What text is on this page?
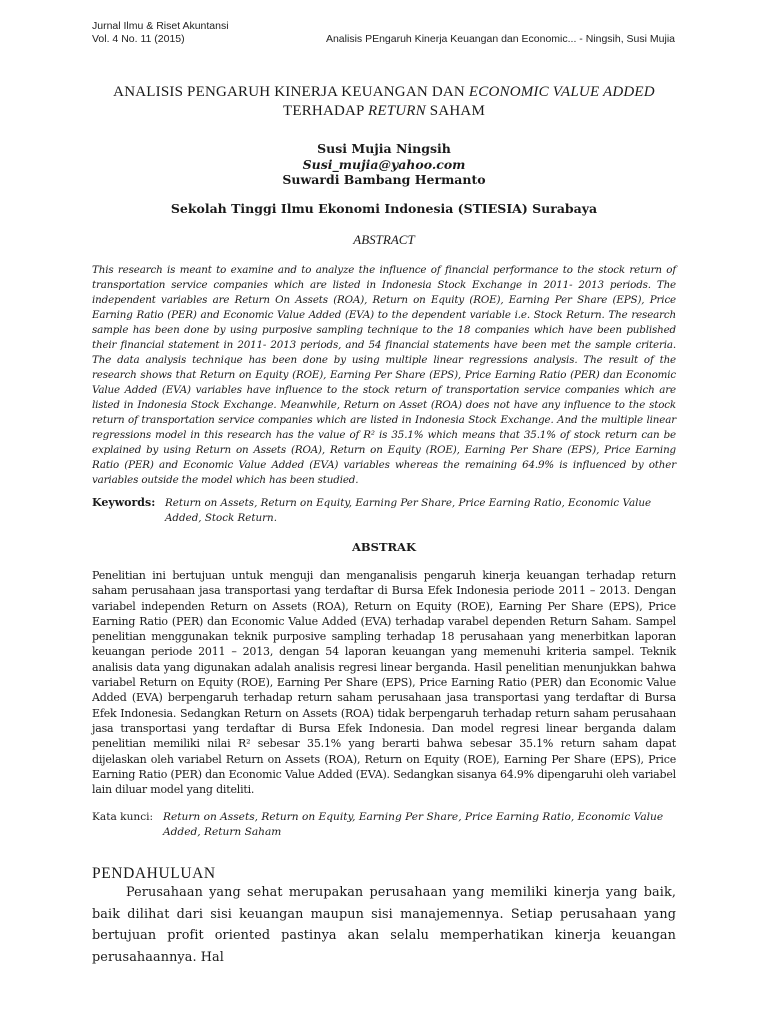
Jurnal Ilmu & Riset Akuntansi
Vol. 4 No. 11 (2015)	Analisis PEngaruh Kinerja Keuangan dan Economic... - Ningsih, Susi Mujia
ANALISIS PENGARUH KINERJA KEUANGAN DAN ECONOMIC VALUE ADDED
TERHADAP RETURN SAHAM
Susi Mujia Ningsih
Susi_mujia@yahoo.com
Suwardi Bambang Hermanto
Sekolah Tinggi Ilmu Ekonomi Indonesia (STIESIA) Surabaya
ABSTRACT
This research is meant to examine and to analyze the influence of financial performance to the stock return of transportation service companies which are listed in Indonesia Stock Exchange in 2011- 2013 periods. The independent variables are Return On Assets (ROA), Return on Equity (ROE), Earning Per Share (EPS), Price Earning Ratio (PER) and Economic Value Added (EVA) to the dependent variable i.e. Stock Return. The research sample has been done by using purposive sampling technique to the 18 companies which have been published their financial statement in 2011- 2013 periods, and 54 financial statements have been met the sample criteria. The data analysis technique has been done by using multiple linear regressions analysis. The result of the research shows that Return on Equity (ROE), Earning Per Share (EPS), Price Earning Ratio (PER) dan Economic Value Added (EVA) variables have influence to the stock return of transportation service companies which are listed in Indonesia Stock Exchange. Meanwhile, Return on Asset (ROA) does not have any influence to the stock return of transportation service companies which are listed in Indonesia Stock Exchange. And the multiple linear regressions model in this research has the value of R² is 35.1% which means that 35.1% of stock return can be explained by using Return on Assets (ROA), Return on Equity (ROE), Earning Per Share (EPS), Price Earning Ratio (PER) and Economic Value Added (EVA) variables whereas the remaining 64.9% is influenced by other variables outside the model which has been studied.
Keywords: Return on Assets, Return on Equity, Earning Per Share, Price Earning Ratio, Economic Value Added, Stock Return.
ABSTRAK
Penelitian ini bertujuan untuk menguji dan menganalisis pengaruh kinerja keuangan terhadap return saham perusahaan jasa transportasi yang terdaftar di Bursa Efek Indonesia periode 2011 – 2013. Dengan variabel independen Return on Assets (ROA), Return on Equity (ROE), Earning Per Share (EPS), Price Earning Ratio (PER) dan Economic Value Added (EVA) terhadap varabel dependen Return Saham. Sampel penelitian menggunakan teknik purposive sampling terhadap 18 perusahaan yang menerbitkan laporan keuangan periode 2011 – 2013, dengan 54 laporan keuangan yang memenuhi kriteria sampel. Teknik analisis data yang digunakan adalah analisis regresi linear berganda. Hasil penelitian menunjukkan bahwa variabel Return on Equity (ROE), Earning Per Share (EPS), Price Earning Ratio (PER) dan Economic Value Added (EVA) berpengaruh terhadap return saham perusahaan jasa transportasi yang terdaftar di Bursa Efek Indonesia. Sedangkan Return on Assets (ROA) tidak berpengaruh terhadap return saham perusahaan jasa transportasi yang terdaftar di Bursa Efek Indonesia. Dan model regresi linear berganda dalam penelitian memiliki nilai R² sebesar 35.1% yang berarti bahwa sebesar 35.1% return saham dapat dijelaskan oleh variabel Return on Assets (ROA), Return on Equity (ROE), Earning Per Share (EPS), Price Earning Ratio (PER) dan Economic Value Added (EVA). Sedangkan sisanya 64.9% dipengaruhi oleh variabel lain diluar model yang diteliti.
Kata kunci: Return on Assets, Return on Equity, Earning Per Share, Price Earning Ratio, Economic Value Added, Return Saham
PENDAHULUAN
Perusahaan yang sehat merupakan perusahaan yang memiliki kinerja yang baik, baik dilihat dari sisi keuangan maupun sisi manajemennya. Setiap perusahaan yang bertujuan profit oriented pastinya akan selalu memperhatikan kinerja keuangan perusahaannya. Hal
